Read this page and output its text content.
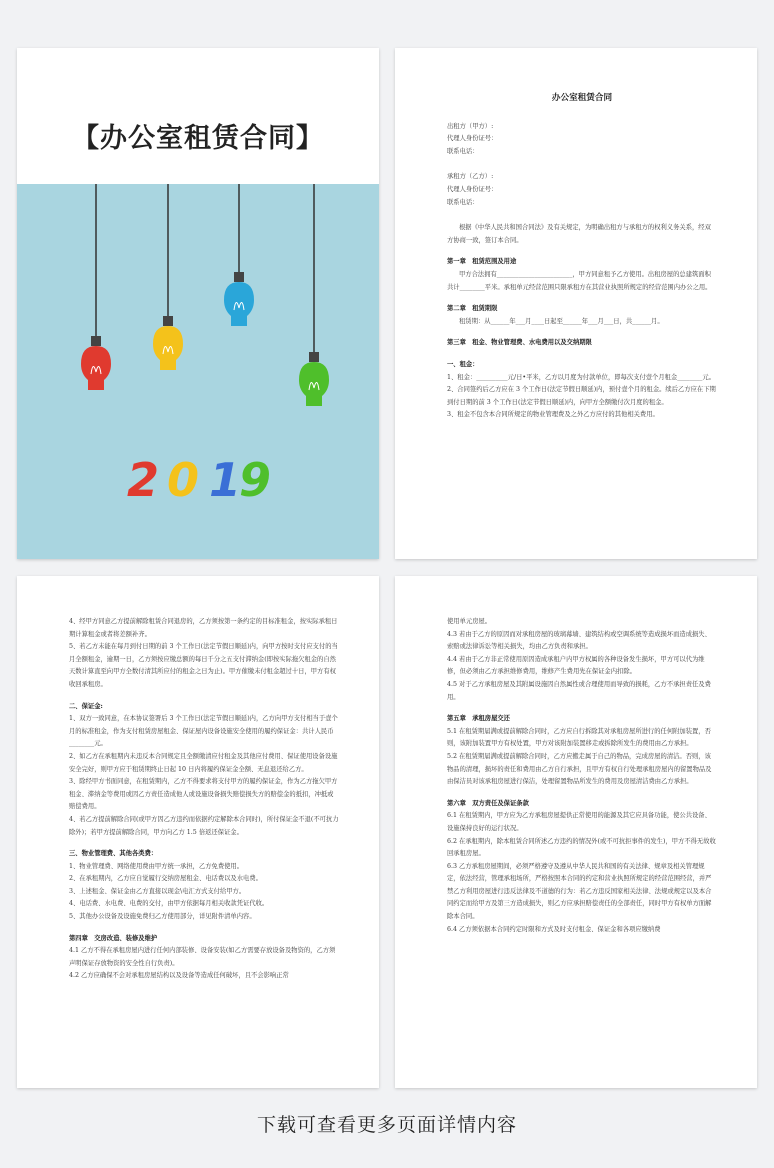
【办公室租赁合同】
2 0 1
9

办公室租赁合同

出租方（甲方）:

代理人身份证号：

联系电话：

承租方（乙方）:

代理人身份证号：

联系电话：

根据《中华人民共和国合同法》及有关规定，为明确出租方与承租方的权利义务关系，经双方协商一致，签订本合同。

第一章　租赁范围及用途

甲方合法拥有________________________，甲方同意租予乙方使用。出租房屋的总建筑面积共计________平米。承租单元经营范围只限承租方在其营业执照所规定的经营范围内办公之用。

第二章　租赁期限

租赁期：从______年___月____日起至______年___月___日，共______月。

第三章　租金、物业管理费、水电费用以及交纳期限

一、租金：

1、租金：__________元/日•平米，乙方以月度为付款单位，即每次支付壹个月租金________元。

2、合同签约后乙方应在 3 个工作日(法定节假日顺延)内，预付壹个月的租金。续后乙方应在下期到付日期的前 3 个工作日(法定节假日顺延)内，向甲方全额缴付次月度的租金。

3、租金不包含本合同所规定的物业管理费及之外乙方应付的其他相关费用。

4、经甲方同意乙方提前解除租赁合同退房的，乙方须按第一条约定的目标准租金，按实际承租日期计算租金或者将差额补齐。

5、若乙方未能在每月到付日期的前 3 个工作日(法定节假日顺延)内，向甲方按时支付应支付的当月全额租金，逾期一日，乙方须按应缴总额的每日千分之五支付滞纳金(即按实际拖欠租金的自然天数计算直至向甲方全数付清其所应付的租金之日为止)。甲方催缴未付租金超过十日，甲方有权收回承租房。

二、保证金:

1、双方一致同意，在本协议签署后 3 个工作日(法定节假日顺延)内，乙方向甲方支付相当于壹个月的标准租金，作为支付租赁房屋租金、保证屋内设备设施安全使用的履约保证金：共计人民币________元。

2、如乙方在承租期内未违反本合同规定且全额缴清应付租金及其他应付费用、保证使用设备设施安全完好，则甲方应于租赁期终止日起 10 日内将履约保证金全额、无息退还给乙方。

3、除经甲方书面同意，在租赁期内，乙方不得要求将支付甲方的履约保证金，作为乙方拖欠甲方租金、滞纳金等费用或因乙方责任造成他人或设施设备损失赔偿损失方的赔偿金的抵扣，冲抵或赔偿费用。

4、若乙方提前解除合同(或甲方因乙方违约而依据约定解除本合同时)，所付保证金不退(不可抗力除外)；若甲方提前解除合同，甲方向乙方 1.5 倍返还保证金。

三、物业管理费、其他各类费：

1、物业管理费、网络使用费由甲方统一承担，乙方免费使用。

2、在承租期内，乙方应自觉履行交纳房屋租金、电话费以及水电费。

3、上述租金、保证金由乙方直接以现金\电汇方式支付给甲方。

4、电话费、水电费、电费的交付，由甲方依据每月相关收款凭证代收。

5、其他办公设备及设施免费归乙方使用部分，详见附件清单内容。

第四章　交房改造、装修及维护

4.1 乙方不得在承租房屋内进行任何内部装修、设备安装(如乙方需要存放设备及物资的，乙方须声明保证存放物资的安全性自行负责)。

4.2 乙方应确保不会对承租房屋结构以及设备等造成任何破坏，且不会影响正常

使用单元房屋。

4.3 若由于乙方的原因而对承租房屋的玻璃幕墙、建筑结构或空调系统等造成损坏而造成损失、索赔或法律诉讼等相关损失，均由乙方负责和承担。

4.4 若由于乙方非正常使用原因造成承租户内甲方权属的各种设备发生损坏，甲方可以代为维修，但必须由乙方承担维修费用，维修产生费用先在保证金内扣除。

4.5 对于乙方承租房屋及其附属设施因自然属性或合理使用而导致的损耗，乙方不承担责任及费用。

第五章　承租房屋交还

5.1 在租赁期届满或提前解除合同时，乙方应自行拆除其对承租房屋所进行的任何附加装置，否则，该附加装置甲方有权处置，甲方对该附加装置移走或拆除所发生的费用由乙方承担。

5.2 在租赁期届满或提前解除合同时，乙方应搬走属于自己的物品，完成房屋的清洁。否则，该物品的清理，损坏的责任和费用由乙方自行承担，且甲方有权自行处理承租房屋内的留置物品及由保洁员对该承租房屋进行保洁，处理留置物品所发生的费用及房屋清洁费由乙方承担。

第六章　双方责任及保证条款

6.1 在租赁期内，甲方应为乙方承租房屋提供正常使用的能源及其它应具备功能，使公共设备、设施保持良好的运行状况。

6.2 在承租期内，除本租赁合同所述乙方违约的情况外(或不可抗拒事件的发生)，甲方不得无故收回承租房屋。

6.3 乙方承租房屋期间，必须严格遵守及遵从中华人民共和国的有关法律、规章及相关管理规定，依法经营，管理承租场所，严格按照本合同的约定和营业执照所规定的经营范围经营，并严禁乙方利用房屋进行违反法律及不道德的行为：若乙方违反国家相关法律、法规或规定以及本合同约定而给甲方及第三方造成损失，则乙方应承担赔偿责任的全部责任，同时甲方有权单方面解除本合同。

6.4 乙方须依据本合同约定时限和方式及时支付租金、保证金和各项应缴纳费

下载可查看更多页面详情内容
